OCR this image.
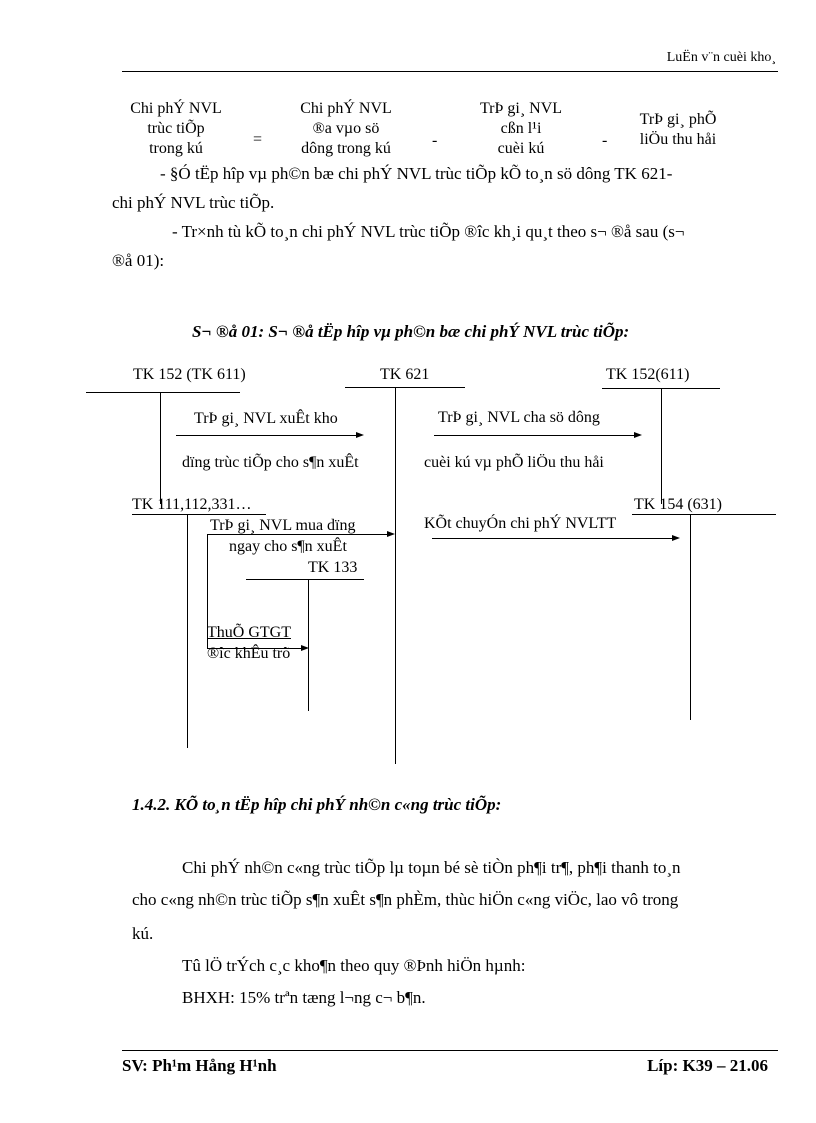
LuËn v¨n cuèi kho¸
Chi phÝ NVL
trùc tiÕp
trong kú
=
Chi phÝ NVL
®a vµo sö
dông trong kú	-
TrÞ gi¸ NVL
cßn l¹i
cuèi kú	-
TrÞ gi¸ phÕ
liÖu thu håi
- §Ó tËp hîp vµ ph©n bæ chi phÝ NVL trùc tiÕp kÕ to¸n sö dông TK 621-
chi phÝ NVL trùc tiÕp.
- Tr×nh tù kÕ to¸n chi phÝ NVL trùc tiÕp ®îc kh¸i qu¸t theo s¬ ®å sau (s¬
®å 01):
S¬ ®å 01: S¬ ®å tËp hîp vµ ph©n bæ chi phÝ NVL trùc tiÕp:
TK 152 (TK 611)	TK 621	TK 152(611)
TrÞ gi¸ NVL xuÊt kho
dïng trùc tiÕp cho s¶n xuÊt
TrÞ gi¸ NVL cha sö dông
cuèi kú vµ phÕ liÖu thu håi
TK 111,112,331…	TK 154 (631)
TrÞ gi¸ NVL mua dïng
ngay cho s¶n xuÊt
KÕt chuyÓn chi phÝ NVLTT
TK 133
ThuÕ GTGT
®îc khÊu trõ
1.4.2. KÕ to¸n tËp hîp chi phÝ nh©n c«ng trùc tiÕp:
Chi phÝ nh©n c«ng trùc tiÕp lµ toµn bé sè tiÒn ph¶i tr¶, ph¶i thanh to¸n
cho c«ng nh©n trùc tiÕp s¶n xuÊt s¶n phÈm, thùc hiÖn c«ng viÖc, lao vô trong
kú.
Tû lÖ trÝch c¸c kho¶n theo quy ®Þnh hiÖn hµnh:
BHXH: 15% trªn tæng l¬ng c¬ b¶n.
SV: Ph¹m Hång H¹nh	Líp: K39 – 21.06
